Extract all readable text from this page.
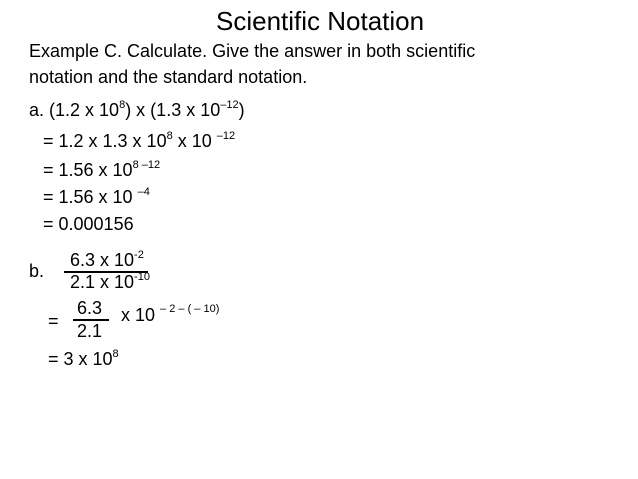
Scientific Notation
Example C. Calculate. Give the answer in both scientific
notation and the standard notation.
a. (1.2 x $10^8$) x (1.3 x $10^{-12}$)
= 1.2 x 1.3 x $10^8$ x 10 $^{-12}$
= 1.56 x $10^{8 -12}$
= 1.56 x 10 $^{-4}$
= 0.000156
b.
6.3 x $10^{-2}$
2.1 x $10^{-10}$
=
6.3
2.1
x 10 $^{- 2 - ( - 10)}$
= 3 x $10^8$
